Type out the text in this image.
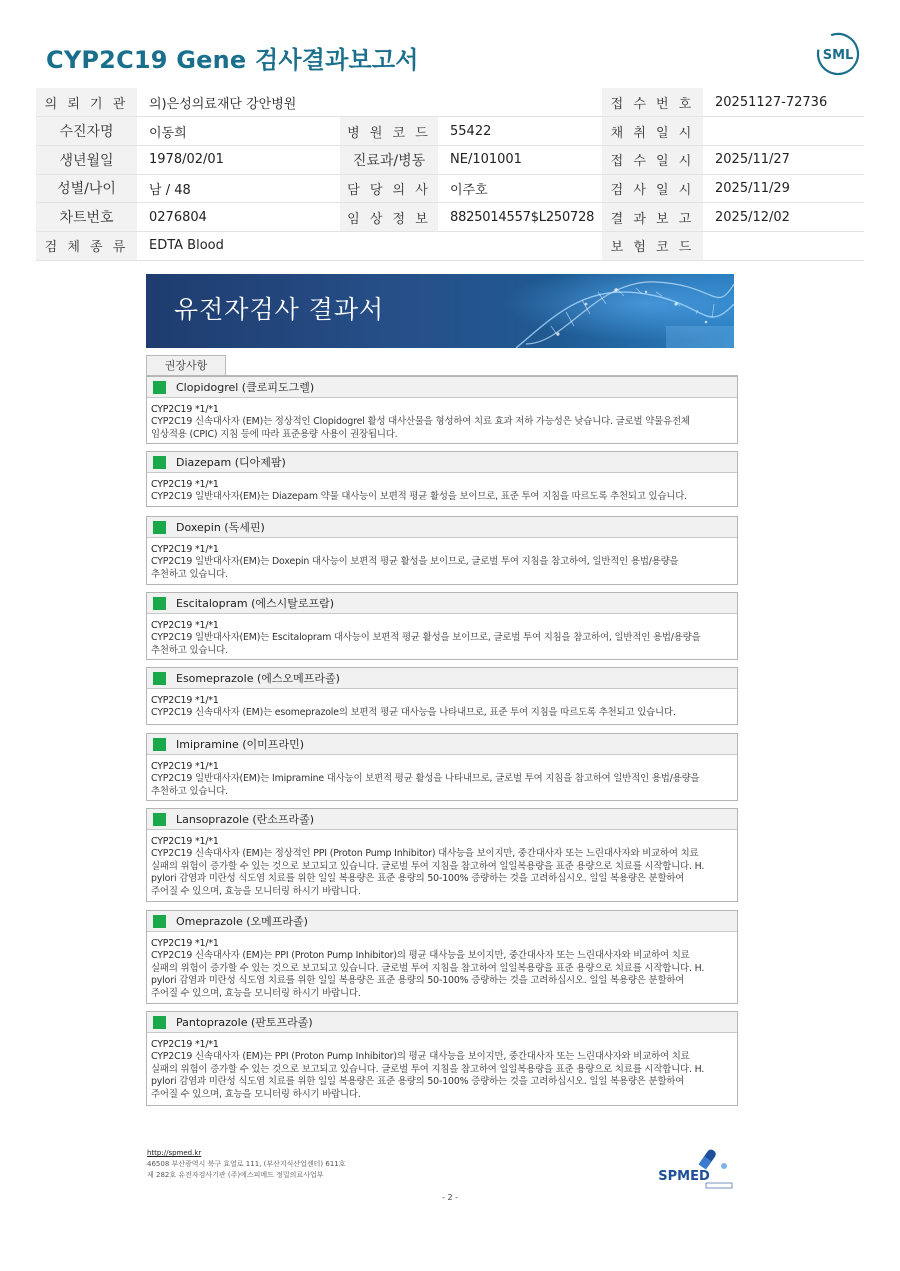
CYP2C19 Gene 검사결과보고서	SML
의 뢰 기 관	의)은성의료재단 강안병원			접 수 번 호	20251127-72736
수진자명	이동희	병 원 코 드	55422	채 취 일 시	
생년월일	1978/02/01	진료과/병동	NE/101001	접 수 일 시	2025/11/27
성별/나이	남 / 48	담 당 의 사	이주호	검 사 일 시	2025/11/29
차트번호	0276804	임 상 정 보	8825014557$L250728	결 과 보 고	2025/12/02
검 체 종 류	EDTA Blood			보 험 코 드	
유전자검사 결과서
권장사항
Clopidogrel (클로피도그렐)
CYP2C19 *1/*1
CYP2C19 신속대사자 (EM)는 정상적인 Clopidogrel 활성 대사산물을 형성하여 치료 효과 저하 가능성은 낮습니다. 글로벌 약물유전체
임상적용 (CPIC) 지침 등에 따라 표준용량 사용이 권장됩니다.
Diazepam (디아제팜)
CYP2C19 *1/*1
CYP2C19 일반대사자(EM)는 Diazepam 약물 대사능이 보편적 평균 활성을 보이므로, 표준 투여 지침을 따르도록 추천되고 있습니다.
Doxepin (독세핀)
CYP2C19 *1/*1
CYP2C19 일반대사자(EM)는 Doxepin 대사능이 보편적 평균 활성을 보이므로, 글로벌 투여 지침을 참고하여, 일반적인 용법/용량을
추천하고 있습니다.
Escitalopram (에스시탈로프람)
CYP2C19 *1/*1
CYP2C19 일반대사자(EM)는 Escitalopram 대사능이 보편적 평균 활성을 보이므로, 글로벌 투여 지침을 참고하여, 일반적인 용법/용량을
추천하고 있습니다.
Esomeprazole (에스오메프라졸)
CYP2C19 *1/*1
CYP2C19 신속대사자 (EM)는 esomeprazole의 보편적 평균 대사능을 나타내므로, 표준 투여 지침을 따르도록 추천되고 있습니다.
Imipramine (이미프라민)
CYP2C19 *1/*1
CYP2C19 일반대사자(EM)는 Imipramine 대사능이 보편적 평균 활성을 나타내므로, 글로벌 투여 지침을 참고하여 일반적인 용법/용량을
추천하고 있습니다.
Lansoprazole (란소프라졸)
CYP2C19 *1/*1
CYP2C19 신속대사자 (EM)는 정상적인 PPI (Proton Pump Inhibitor) 대사능을 보이지만, 중간대사자 또는 느린대사자와 비교하여 치료
실패의 위험이 증가할 수 있는 것으로 보고되고 있습니다. 글로벌 투여 지침을 참고하여 일일복용량을 표준 용량으로 치료를 시작합니다. H.
pylori 감염과 미란성 식도염 치료를 위한 일일 복용량은 표준 용량의 50-100% 증량하는 것을 고려하십시오. 일일 복용량은 분할하여
주어질 수 있으며, 효능을 모니터링 하시기 바랍니다.
Omeprazole (오메프라졸)
CYP2C19 *1/*1
CYP2C19 신속대사자 (EM)는 PPI (Proton Pump Inhibitor)의 평균 대사능을 보이지만, 중간대사자 또는 느린대사자와 비교하여 치료
실패의 위험이 증가할 수 있는 것으로 보고되고 있습니다. 글로벌 투여 지침을 참고하여 일일복용량을 표준 용량으로 치료를 시작합니다. H.
pylori 감염과 미란성 식도염 치료를 위한 일일 복용량은 표준 용량의 50-100% 증량하는 것을 고려하십시오. 일일 복용량은 분할하여
주어질 수 있으며, 효능을 모니터링 하시기 바랍니다.
Pantoprazole (판토프라졸)
CYP2C19 *1/*1
CYP2C19 신속대사자 (EM)는 PPI (Proton Pump Inhibitor)의 평균 대사능을 보이지만, 중간대사자 또는 느린대사자와 비교하여 치료
실패의 위험이 증가할 수 있는 것으로 보고되고 있습니다. 글로벌 투여 지침을 참고하여 일일복용량을 표준 용량으로 치료를 시작합니다. H.
pylori 감염과 미란성 식도염 치료를 위한 일일 복용량은 표준 용량의 50-100% 증량하는 것을 고려하십시오. 일일 복용량은 분할하여
주어질 수 있으며, 효능을 모니터링 하시기 바랍니다.
http://spmed.kr
46508 부산광역시 북구 효열로 111, (부산지식산업센터) 611호
제 282호 유전자검사기관 (주)에스피메드 정밀의료사업부	SPMED
- 2 -
